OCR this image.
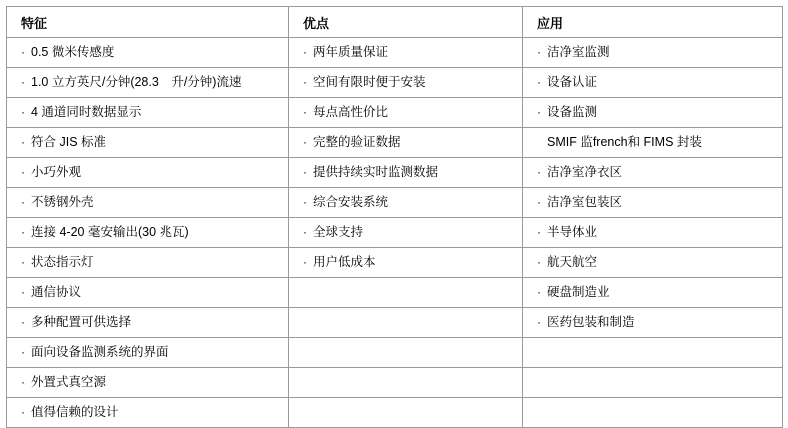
特征	优点	应用

· 0.5 微米传感度	· 两年质量保证	· 洁净室监测

· 1.0 立方英尺/分钟(28.3　升/分钟)流速	· 空间有限时便于安装	· 设备认证

· 4 通道同时数据显示	· 每点高性价比	· 设备监测

· 符合 JIS 标准	· 完整的验证数据	SMIF 监french和 FIMS 封装

· 小巧外观	· 提供持续实时监测数据	· 洁净室净衣区

· 不锈钢外壳	· 综合安装系统	· 洁净室包装区

· 连接 4-20 毫安输出(30 兆瓦)	· 全球支持	· 半导体业

· 状态指示灯	· 用户低成本	· 航天航空

· 通信协议		· 硬盘制造业

· 多种配置可供选择		· 医药包装和制造

· 面向设备监测系统的界面		

· 外置式真空源		

· 值得信赖的设计		
